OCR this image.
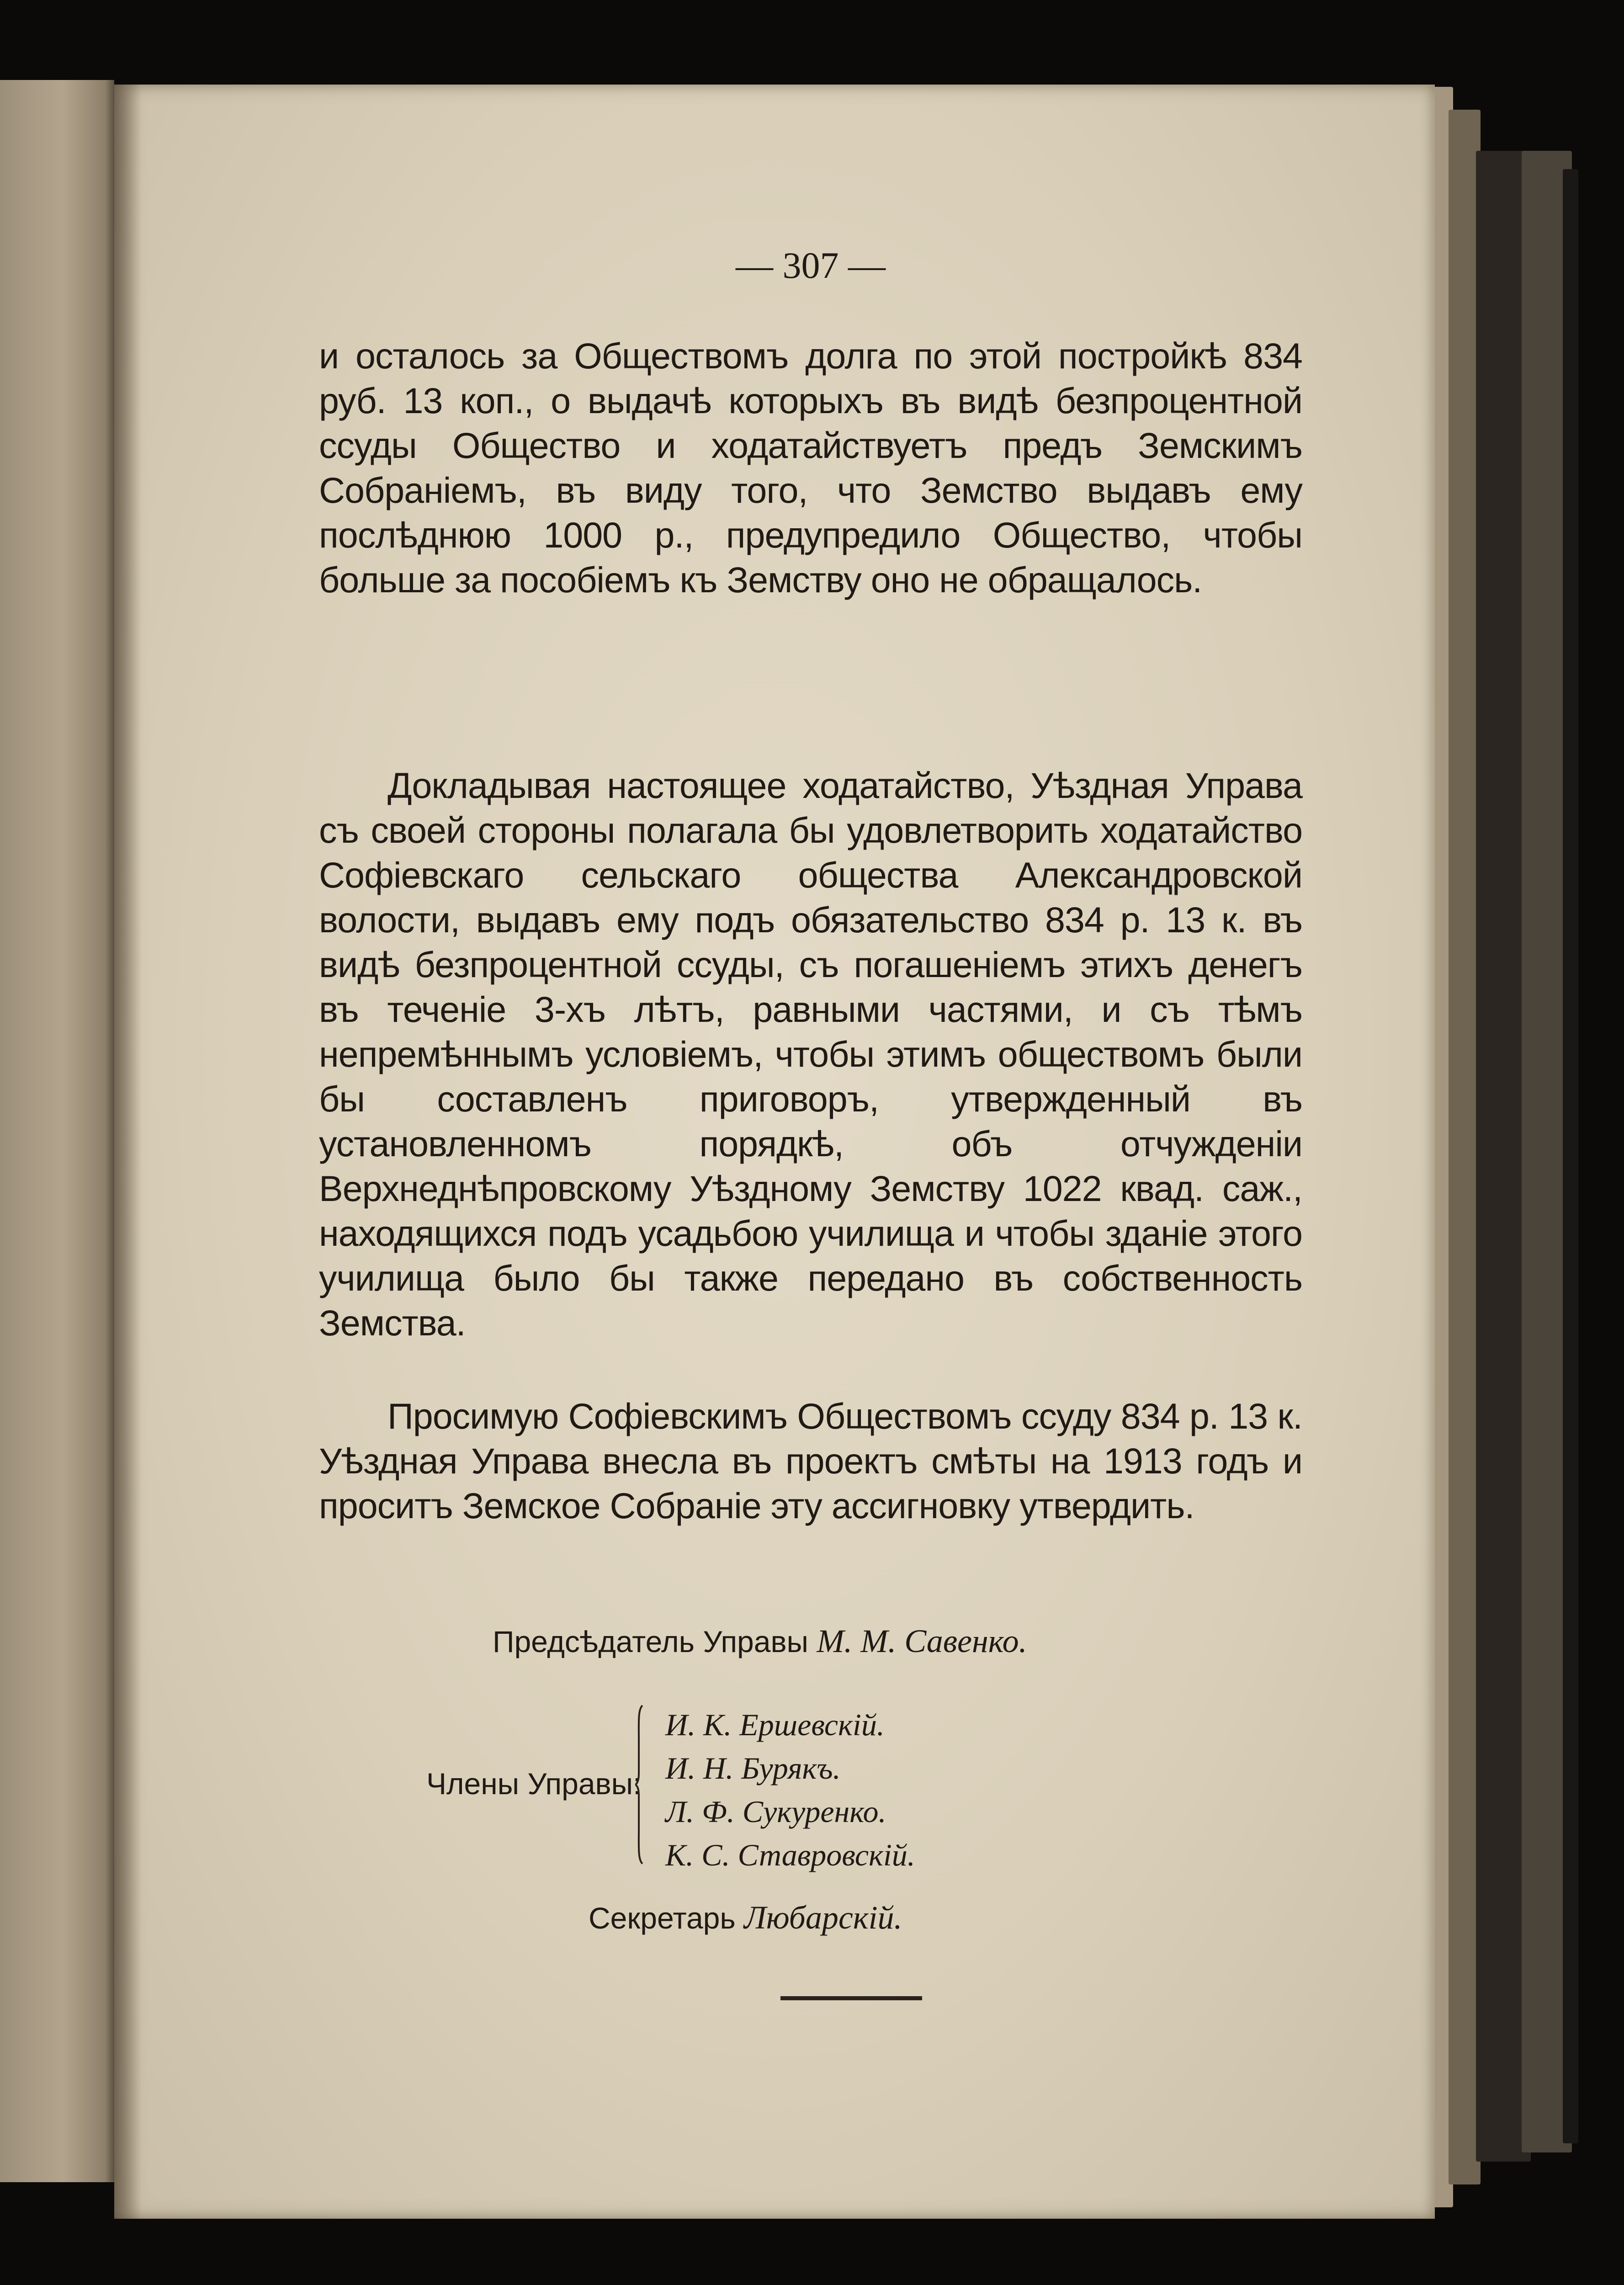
— 307 —

и осталось за Обществомъ долга по этой постройкѣ 834 руб. 13 коп., о выдачѣ которыхъ въ видѣ безпроцентной ссуды Общество и ходатайствуетъ предъ Земскимъ Собраніемъ, въ виду того, что Земство выдавъ ему послѣднюю 1000 р., предупредило Общество, чтобы больше за пособіемъ къ Земству оно не обращалось.

Докладывая настоящее ходатайство, Уѣздная Управа съ своей стороны полагала бы удовлетворить ходатайство Софіевскаго сельскаго общества Александровской волости, выдавъ ему подъ обязательство 834 р. 13 к. въ видѣ безпроцентной ссуды, съ погашеніемъ этихъ денегъ въ теченіе 3-хъ лѣтъ, равными частями, и съ тѣмъ непремѣннымъ условіемъ, чтобы этимъ обществомъ были бы составленъ приговоръ, утвержденный въ установленномъ порядкѣ, объ отчужденіи Верхнеднѣпровскому Уѣздному Земству 1022 квад. саж., находящихся подъ усадьбою училища и чтобы зданіе этого училища было бы также передано въ собственность Земства.

Просимую Софіевскимъ Обществомъ ссуду 834 р. 13 к. Уѣздная Управа внесла въ проектъ смѣты на 1913 годъ и проситъ Земское Собраніе эту ассигновку утвердить.

Предсѣдатель Управы М. М. Савенко.
Члены Управы:
И. К. Ершевскій.
И. Н. Бурякъ.
Л. Ф. Сукуренко.
К. С. Ставровскій.
Секретарь Любарскій.
